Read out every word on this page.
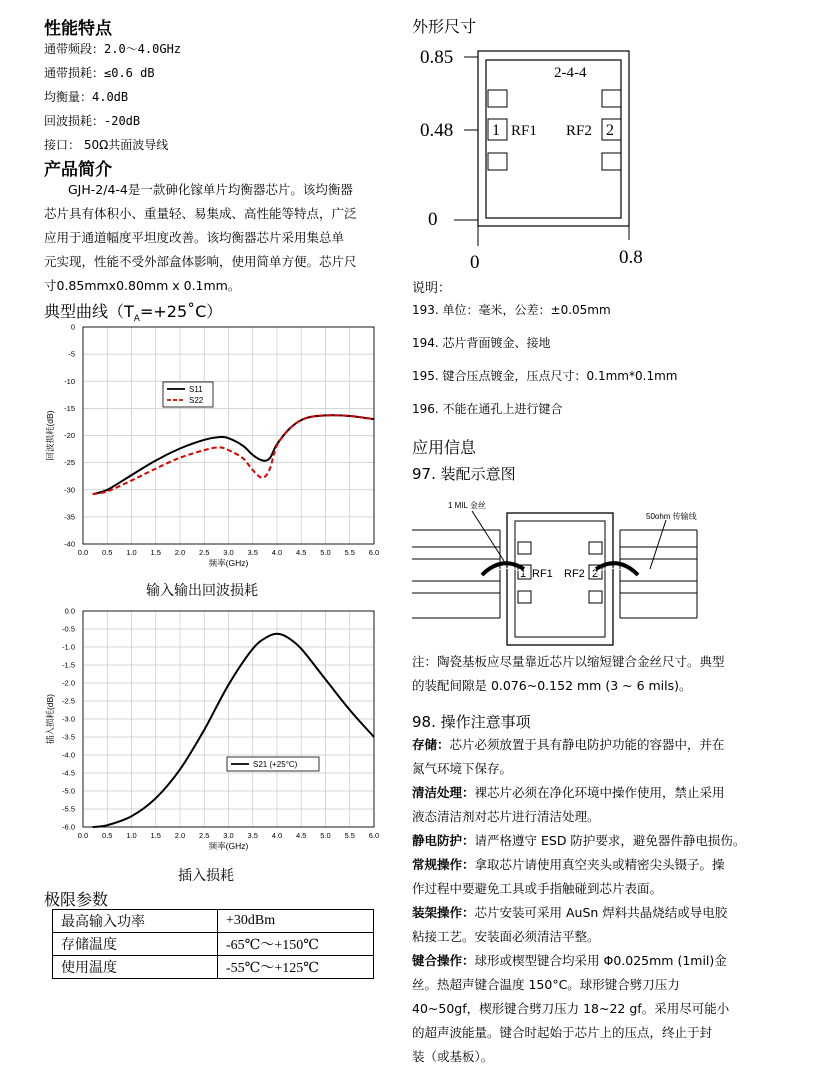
性能特点
通带频段：2.0～4.0GHz
通带损耗：≤0.6 dB
均衡量：4.0dB
回波损耗：-20dB
接口： 50Ω共面波导线
产品简介
GJH-2/4-4是一款砷化镓单片均衡器芯片。该均衡器
芯片具有体积小、重量轻、易集成、高性能等特点，广泛
应用于通道幅度平坦度改善。该均衡器芯片采用集总单
元实现，性能不受外部盒体影响，使用简单方便。芯片尺
寸0.85mmx0.80mm x 0.1mm。
典型曲线$(T_A=+25˚C)$
0.0 0.5 1.0 1.5 2.0 2.5 3.0 3.5 4.0 4.5 5.0 5.5 6.0
0
-5
-10
-15
-20
-25
-30
-35
-40
频率(GHz)
回波损耗(dB)
S11
S22
输入输出回波损耗
0.0 0.5 1.0 1.5 2.0 2.5 3.0 3.5 4.0 4.5 5.0 5.5 6.0
0.0
-0.5
-1.0
-1.5
-2.0
-2.5
-3.0
-3.5
-4.0
-4.5
-5.0
-5.5
-6.0
频率(GHz)
插入损耗(dB)
S21 (+25°C)
插入损耗
极限参数
最高输入功率	+30dBm
存储温度	-65℃～+150℃
使用温度	-55℃～+125℃
外形尺寸
0.85
0.48
0
0	0.8
2-4-4
1	2
RF1 RF2
说明：
193. 单位：毫米，公差：±0.05mm
194. 芯片背面镀金、接地
195. 键合压点镀金，压点尺寸：0.1mm*0.1mm
196. 不能在通孔上进行键合
应用信息
97. 装配示意图
1	2
RF1 RF2
1 MIL 金丝
50ohm 传输线
注：陶瓷基板应尽量靠近芯片以缩短键合金丝尺寸。典型
的装配间隙是 0.076~0.152 mm (3 ~ 6 mils)。
98. 操作注意事项
存储：芯片必须放置于具有静电防护功能的容器中，并在
氮气环境下保存。
清洁处理：裸芯片必须在净化环境中操作使用，禁止采用
液态清洁剂对芯片进行清洁处理。
静电防护：请严格遵守 ESD 防护要求，避免器件静电损伤。
常规操作：拿取芯片请使用真空夹头或精密尖头镊子。操
作过程中要避免工具或手指触碰到芯片表面。
装架操作：芯片安装可采用 AuSn 焊料共晶烧结或导电胶
粘接工艺。安装面必须清洁平整。
键合操作：球形或楔型键合均采用 Φ0.025mm (1mil)金
丝。热超声键合温度 150°C。球形键合劈刀压力
40~50gf，楔形键合劈刀压力 18~22 gf。采用尽可能小
的超声波能量。键合时起始于芯片上的压点，终止于封
装（或基板）。
